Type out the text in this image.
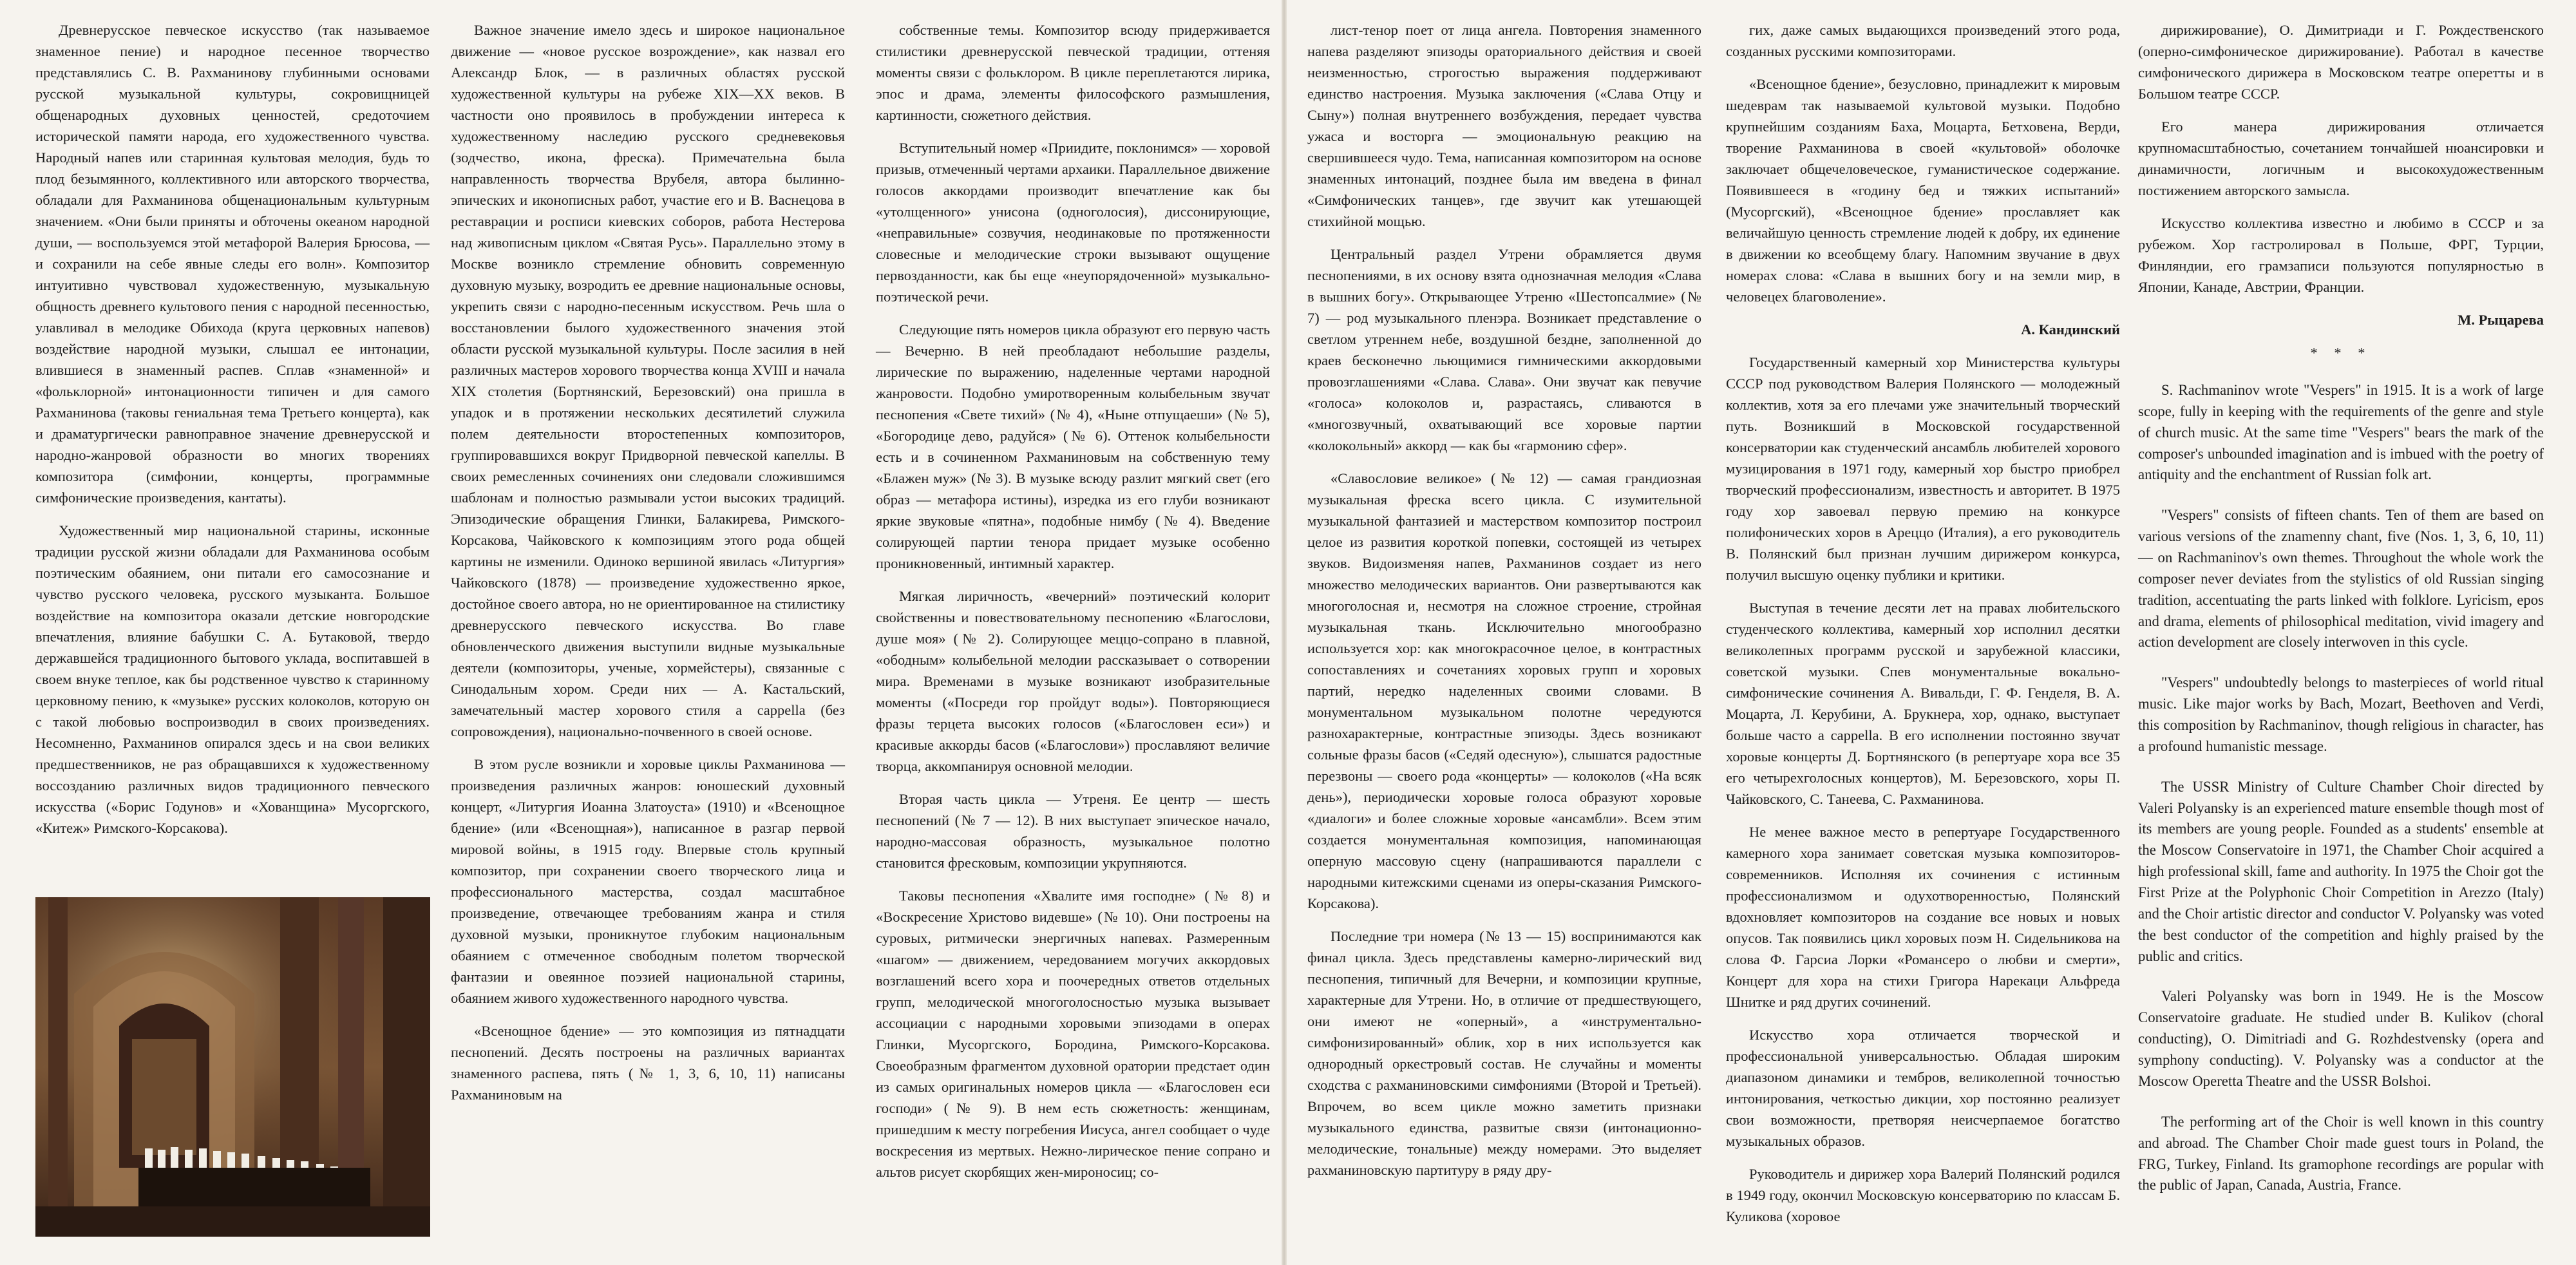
Древнерусское певческое искусство (так называемое знаменное пение) и народное песенное творчество представлялись С. В. Рахманинову глубинными основами русской музыкальной культуры, сокровищницей общенародных духовных ценностей, средоточием исторической памяти народа, его художественного чувства. Народный напев или старинная культовая мелодия, будь то плод безымянного, коллективного или авторского творчества, обладали для Рахманинова общенациональным культурным значением. «Они были приняты и обточены океаном народной души, — воспользуемся этой метафорой Валерия Брюсова, — и сохранили на себе явные следы его волн». Композитор интуитивно чувствовал художественную, музыкальную общность древнего культового пения с народной песенностью, улавливал в мелодике Обихода (круга церковных напевов) воздействие народной музыки, слышал ее интонации, влившиеся в знаменный распев. Сплав «знаменной» и «фольклорной» интонационности типичен и для самого Рахманинова (таковы гениальная тема Третьего концерта), как и драматургически равноправное значение древнерусской и народно-жанровой образности во многих творениях композитора (симфонии, концерты, программные симфонические произведения, кантаты).

Художественный мир национальной старины, исконные традиции русской жизни обладали для Рахманинова особым поэтическим обаянием, они питали его самосознание и чувство русского человека, русского музыканта. Большое воздействие на композитора оказали детские новгородские впечатления, влияние бабушки С. А. Бутаковой, твердо державшейся традиционного бытового уклада, воспитавшей в своем внуке теплое, как бы родственное чувство к старинному церковному пению, к «музыке» русских колоколов, которую он с такой любовью воспроизводил в своих произведениях. Несомненно, Рахманинов опирался здесь и на свои великих предшественников, не раз обращавшихся к художественному воссозданию различных видов традиционного певческого искусства («Борис Годунов» и «Хованщина» Мусоргского, «Китеж» Римского-Корсакова).

Важное значение имело здесь и широкое национальное движение — «новое русское возрождение», как назвал его Александр Блок, — в различных областях русской художественной культуры на рубеже XIX—XX веков. В частности оно проявилось в пробуждении интереса к художественному наследию русского средневековья (зодчество, икона, фреска). Примечательна была направленность творчества Врубеля, автора былинно-эпических и иконописных работ, участие его и В. Васнецова в реставрации и росписи киевских соборов, работа Нестерова над живописным циклом «Святая Русь». Параллельно этому в Москве возникло стремление обновить современную духовную музыку, возродить ее древние национальные основы, укрепить связи с народно-песенным искусством. Речь шла о восстановлении былого художественного значения этой области русской музыкальной культуры. После засилия в ней различных мастеров хорового творчества конца XVIII и начала XIX столетия (Бортнянский, Березовский) она пришла в упадок и в протяжении нескольких десятилетий служила полем деятельности второстепенных композиторов, группировавшихся вокруг Придворной певческой капеллы. В своих ремесленных сочинениях они следовали сложившимся шаблонам и полностью размывали устои высоких традиций. Эпизодические обращения Глинки, Балакирева, Римского-Корсакова, Чайковского к композициям этого рода общей картины не изменили. Одиноко вершиной явилась «Литургия» Чайковского (1878) — произведение художественно яркое, достойное своего автора, но не ориентированное на стилистику древнерусского певческого искусства. Во главе обновленческого движения выступили видные музыкальные деятели (композиторы, ученые, хормейстеры), связанные с Синодальным хором. Среди них — А. Кастальский, замечательный мастер хорового стиля a cappella (без сопровождения), национально-почвенного в своей основе.

В этом русле возникли и хоровые циклы Рахманинова — произведения различных жанров: юношеский духовный концерт, «Литургия Иоанна Златоуста» (1910) и «Всенощное бдение» (или «Всенощная»), написанное в разгар первой мировой войны, в 1915 году. Впервые столь крупный композитор, при сохранении своего творческого лица и профессионального мастерства, создал масштабное произведение, отвечающее требованиям жанра и стиля духовной музыки, проникнутое глубоким национальным обаянием с отмеченное свободным полетом творческой фантазии и овеянное поэзией национальной старины, обаянием живого художественного народного чувства.

«Всенощное бдение» — это композиция из пятнадцати песнопений. Десять построены на различных вариантах знаменного распева, пять (№ 1, 3, 6, 10, 11) написаны Рахманиновым на

собственные темы. Композитор всюду придерживается стилистики древнерусской певческой традиции, оттеняя моменты связи с фольклором. В цикле переплетаются лирика, эпос и драма, элементы философского размышления, картинности, сюжетного действия.

Вступительный номер «Приидите, поклонимся» — хоровой призыв, отмеченный чертами архаики. Параллельное движение голосов аккордами производит впечатление как бы «утолщенного» унисона (одноголосия), диссонирующие, «неправильные» созвучия, неодинаковые по протяженности словесные и мелодические строки вызывают ощущение первозданности, как бы еще «неупорядоченной» музыкально-поэтической речи.

Следующие пять номеров цикла образуют его первую часть — Вечерню. В ней преобладают небольшие разделы, лирические по выражению, наделенные чертами народной жанровости. Подобно умиротворенным колыбельным звучат песнопения «Свете тихий» (№ 4), «Ныне отпущаеши» (№ 5), «Богородице дево, радуйся» (№ 6). Оттенок колыбельности есть и в сочиненном Рахманиновым на собственную тему «Блажен муж» (№ 3). В музыке всюду разлит мягкий свет (его образ — метафора истины), изредка из его глуби возникают яркие звуковые «пятна», подобные нимбу (№ 4). Введение солирующей партии тенора придает музыке особенно проникновенный, интимный характер.

Мягкая лиричность, «вечерний» поэтический колорит свойственны и повествовательному песнопению «Благослови, душе моя» (№ 2). Солирующее меццо-сопрано в плавной, «ободным» колыбельной мелодии рассказывает о сотворении мира. Временами в музыке возникают изобразительные моменты («Посреди гор пройдут воды»). Повторяющиеся фразы терцета высоких голосов («Благословен еси») и красивые аккорды басов («Благослови») прославляют величие творца, аккомпанируя основной мелодии.

Вторая часть цикла — Утреня. Ее центр — шесть песнопений (№ 7 — 12). В них выступает эпическое начало, народно-массовая образность, музыкальное полотно становится фресковым, композиции укрупняются.

Таковы песнопения «Хвалите имя господне» (№ 8) и «Воскресение Христово видевше» (№ 10). Они построены на суровых, ритмически энергичных напевах. Размеренным «шагом» — движением, чередованием могучих аккордовых возглашений всего хора и поочередных ответов отдельных групп, мелодической многоголосностью музыка вызывает ассоциации с народными хоровыми эпизодами в операх Глинки, Мусоргского, Бородина, Римского-Корсакова. Своеобразным фрагментом духовной оратории предстает один из самых оригинальных номеров цикла — «Благословен еси господи» (№ 9). В нем есть сюжетность: женщинам, пришедшим к месту погребения Иисуса, ангел сообщает о чуде воскресения из мертвых. Нежно-лирическое пение сопрано и альтов рисует скорбящих жен-мироносиц; со-

лист-тенор поет от лица ангела. Повторения знаменного напева разделяют эпизоды ораториального действия и своей неизменностью, строгостью выражения поддерживают единство настроения. Музыка заключения («Слава Отцу и Сыну») полная внутреннего возбуждения, передает чувства ужаса и восторга — эмоциональную реакцию на свершившееся чудо. Тема, написанная композитором на основе знаменных интонаций, позднее была им введена в финал «Симфонических танцев», где звучит как утешающей стихийной мощью.

Центральный раздел Утрени обрамляется двумя песнопениями, в их основу взята однозначная мелодия «Слава в вышних богу». Открывающее Утреню «Шестопсалмие» (№ 7) — род музыкального пленэра. Возникает представление о светлом утреннем небе, воздушной бездне, заполненной до краев бесконечно льющимися гимническими аккордовыми провозглашениями «Слава. Слава». Они звучат как певучие «голоса» колоколов и, разрастаясь, сливаются в «многозвучный, охватывающий все хоровые партии «колокольный» аккорд — как бы «гармонию сфер».

«Славословие великое» (№ 12) — самая грандиозная музыкальная фреска всего цикла. С изумительной музыкальной фантазией и мастерством композитор построил целое из развития короткой попевки, состоящей из четырех звуков. Видоизменяя напев, Рахманинов создает из него множество мелодических вариантов. Они развертываются как многоголосная и, несмотря на сложное строение, стройная музыкальная ткань. Исключительно многообразно используется хор: как многокрасочное целое, в контрастных сопоставлениях и сочетаниях хоровых групп и хоровых партий, нередко наделенных своими словами. В монументальном музыкальном полотне чередуются разнохарактерные, контрастные эпизоды. Здесь возникают сольные фразы басов («Седяй одесную»), слышатся радостные перезвоны — своего рода «концерты» — колоколов («На всяк день»), периодически хоровые голоса образуют хоровые «диалоги» и более сложные хоровые «ансамбли». Всем этим создается монументальная композиция, напоминающая оперную массовую сцену (напрашиваются параллели с народными китежскими сценами из оперы-сказания Римского-Корсакова).

Последние три номера (№ 13 — 15) воспринимаются как финал цикла. Здесь представлены камерно-лирический вид песнопения, типичный для Вечерни, и композиции крупные, характерные для Утрени. Но, в отличие от предшествующего, они имеют не «оперный», а «инструментально-симфонизированный» облик, хор в них используется как однородный оркестровый состав. Не случайны и моменты сходства с рахманиновскими симфониями (Второй и Третьей). Впрочем, во всем цикле можно заметить признаки музыкального единства, развитые связи (интонационно-мелодические, тональные) между номерами. Это выделяет рахманиновскую партитуру в ряду дру-

гих, даже самых выдающихся произведений этого рода, созданных русскими композиторами.

«Всенощное бдение», безусловно, принадлежит к мировым шедеврам так называемой культовой музыки. Подобно крупнейшим созданиям Баха, Моцарта, Бетховена, Верди, творение Рахманинова в своей «культовой» оболочке заключает общечеловеческое, гуманистическое содержание. Появившееся в «годину бед и тяжких испытаний» (Мусоргский), «Всенощное бдение» прославляет как величайшую ценность стремление людей к добру, их единение в движении ко всеобщему благу. Напомним звучание в двух номерах слова: «Слава в вышних богу и на земли мир, в человецех благоволение».

А. Кандинский

Государственный камерный хор Министерства культуры СССР под руководством Валерия Полянского — молодежный коллектив, хотя за его плечами уже значительный творческий путь. Возникший в Московской государственной консерватории как студенческий ансамбль любителей хорового музицирования в 1971 году, камерный хор быстро приобрел творческий профессионализм, известность и авторитет. В 1975 году хор завоевал первую премию на конкурсе полифонических хоров в Ареццо (Италия), а его руководитель В. Полянский был признан лучшим дирижером конкурса, получил высшую оценку публики и критики.

Выступая в течение десяти лет на правах любительского студенческого коллектива, камерный хор исполнил десятки великолепных программ русской и зарубежной классики, советской музыки. Спев монументальные вокально-симфонические сочинения А. Вивальди, Г. Ф. Генделя, В. А. Моцарта, Л. Керубини, А. Брукнера, хор, однако, выступает больше часто a cappella. В его исполнении постоянно звучат хоровые концерты Д. Бортнянского (в репертуаре хора все 35 его четырехголосных концертов), М. Березовского, хоры П. Чайковского, С. Танеева, С. Рахманинова.

Не менее важное место в репертуаре Государственного камерного хора занимает советская музыка композиторов-современников. Исполняя их сочинения с истинным профессионализмом и одухотворенностью, Полянский вдохновляет композиторов на создание все новых и новых опусов. Так появились цикл хоровых поэм Н. Сидельникова на слова Ф. Гарсиа Лорки «Романсеро о любви и смерти», Концерт для хора на стихи Григора Нарекаци Альфреда Шнитке и ряд других сочинений.

Искусство хора отличается творческой и профессиональной универсальностью. Обладая широким диапазоном динамики и тембров, великолепной точностью интонирования, четкостью дикции, хор постоянно реализует свои возможности, претворяя неисчерпаемое богатство музыкальных образов.

Руководитель и дирижер хора Валерий Полянский родился в 1949 году, окончил Московскую консерваторию по классам Б. Куликова (хоровое

дирижирование), О. Димитриади и Г. Рождественского (оперно-симфоническое дирижирование). Работал в качестве симфонического дирижера в Московском театре оперетты и в Большом театре СССР.

Его манера дирижирования отличается крупномасштабностью, сочетанием тончайшей нюансировки и динамичности, логичным и высокохудожественным постижением авторского замысла.

Искусство коллектива известно и любимо в СССР и за рубежом. Хор гастролировал в Польше, ФРГ, Турции, Финляндии, его грамзаписи пользуются популярностью в Японии, Канаде, Австрии, Франции.

М. Рыцарева

* * *

S. Rachmaninov wrote "Vespers" in 1915. It is a work of large scope, fully in keeping with the requirements of the genre and style of church music. At the same time "Vespers" bears the mark of the composer's unbounded imagination and is imbued with the poetry of antiquity and the enchantment of Russian folk art.

"Vespers" consists of fifteen chants. Ten of them are based on various versions of the znamenny chant, five (Nos. 1, 3, 6, 10, 11) — on Rachmaninov's own themes. Throughout the whole work the composer never deviates from the stylistics of old Russian singing tradition, accentuating the parts linked with folklore. Lyricism, epos and drama, elements of philosophical meditation, vivid imagery and action development are closely interwoven in this cycle.

"Vespers" undoubtedly belongs to masterpieces of world ritual music. Like major works by Bach, Mozart, Beethoven and Verdi, this composition by Rachmaninov, though religious in character, has a profound humanistic message.

The USSR Ministry of Culture Chamber Choir directed by Valeri Polyansky is an experienced mature ensemble though most of its members are young people. Founded as a students' ensemble at the Moscow Conservatoire in 1971, the Chamber Choir acquired a high professional skill, fame and authority. In 1975 the Choir got the First Prize at the Polyphonic Choir Competition in Arezzo (Italy) and the Choir artistic director and conductor V. Polyansky was voted the best conductor of the competition and highly praised by the public and critics.

Valeri Polyansky was born in 1949. He is the Moscow Conservatoire graduate. He studied under B. Kulikov (choral conducting), O. Dimitriadi and G. Rozhdestvensky (opera and symphony conducting). V. Polyansky was a conductor at the Moscow Operetta Theatre and the USSR Bolshoi.

The performing art of the Choir is well known in this country and abroad. The Chamber Choir made guest tours in Poland, the FRG, Turkey, Finland. Its gramophone recordings are popular with the public of Japan, Canada, Austria, France.
